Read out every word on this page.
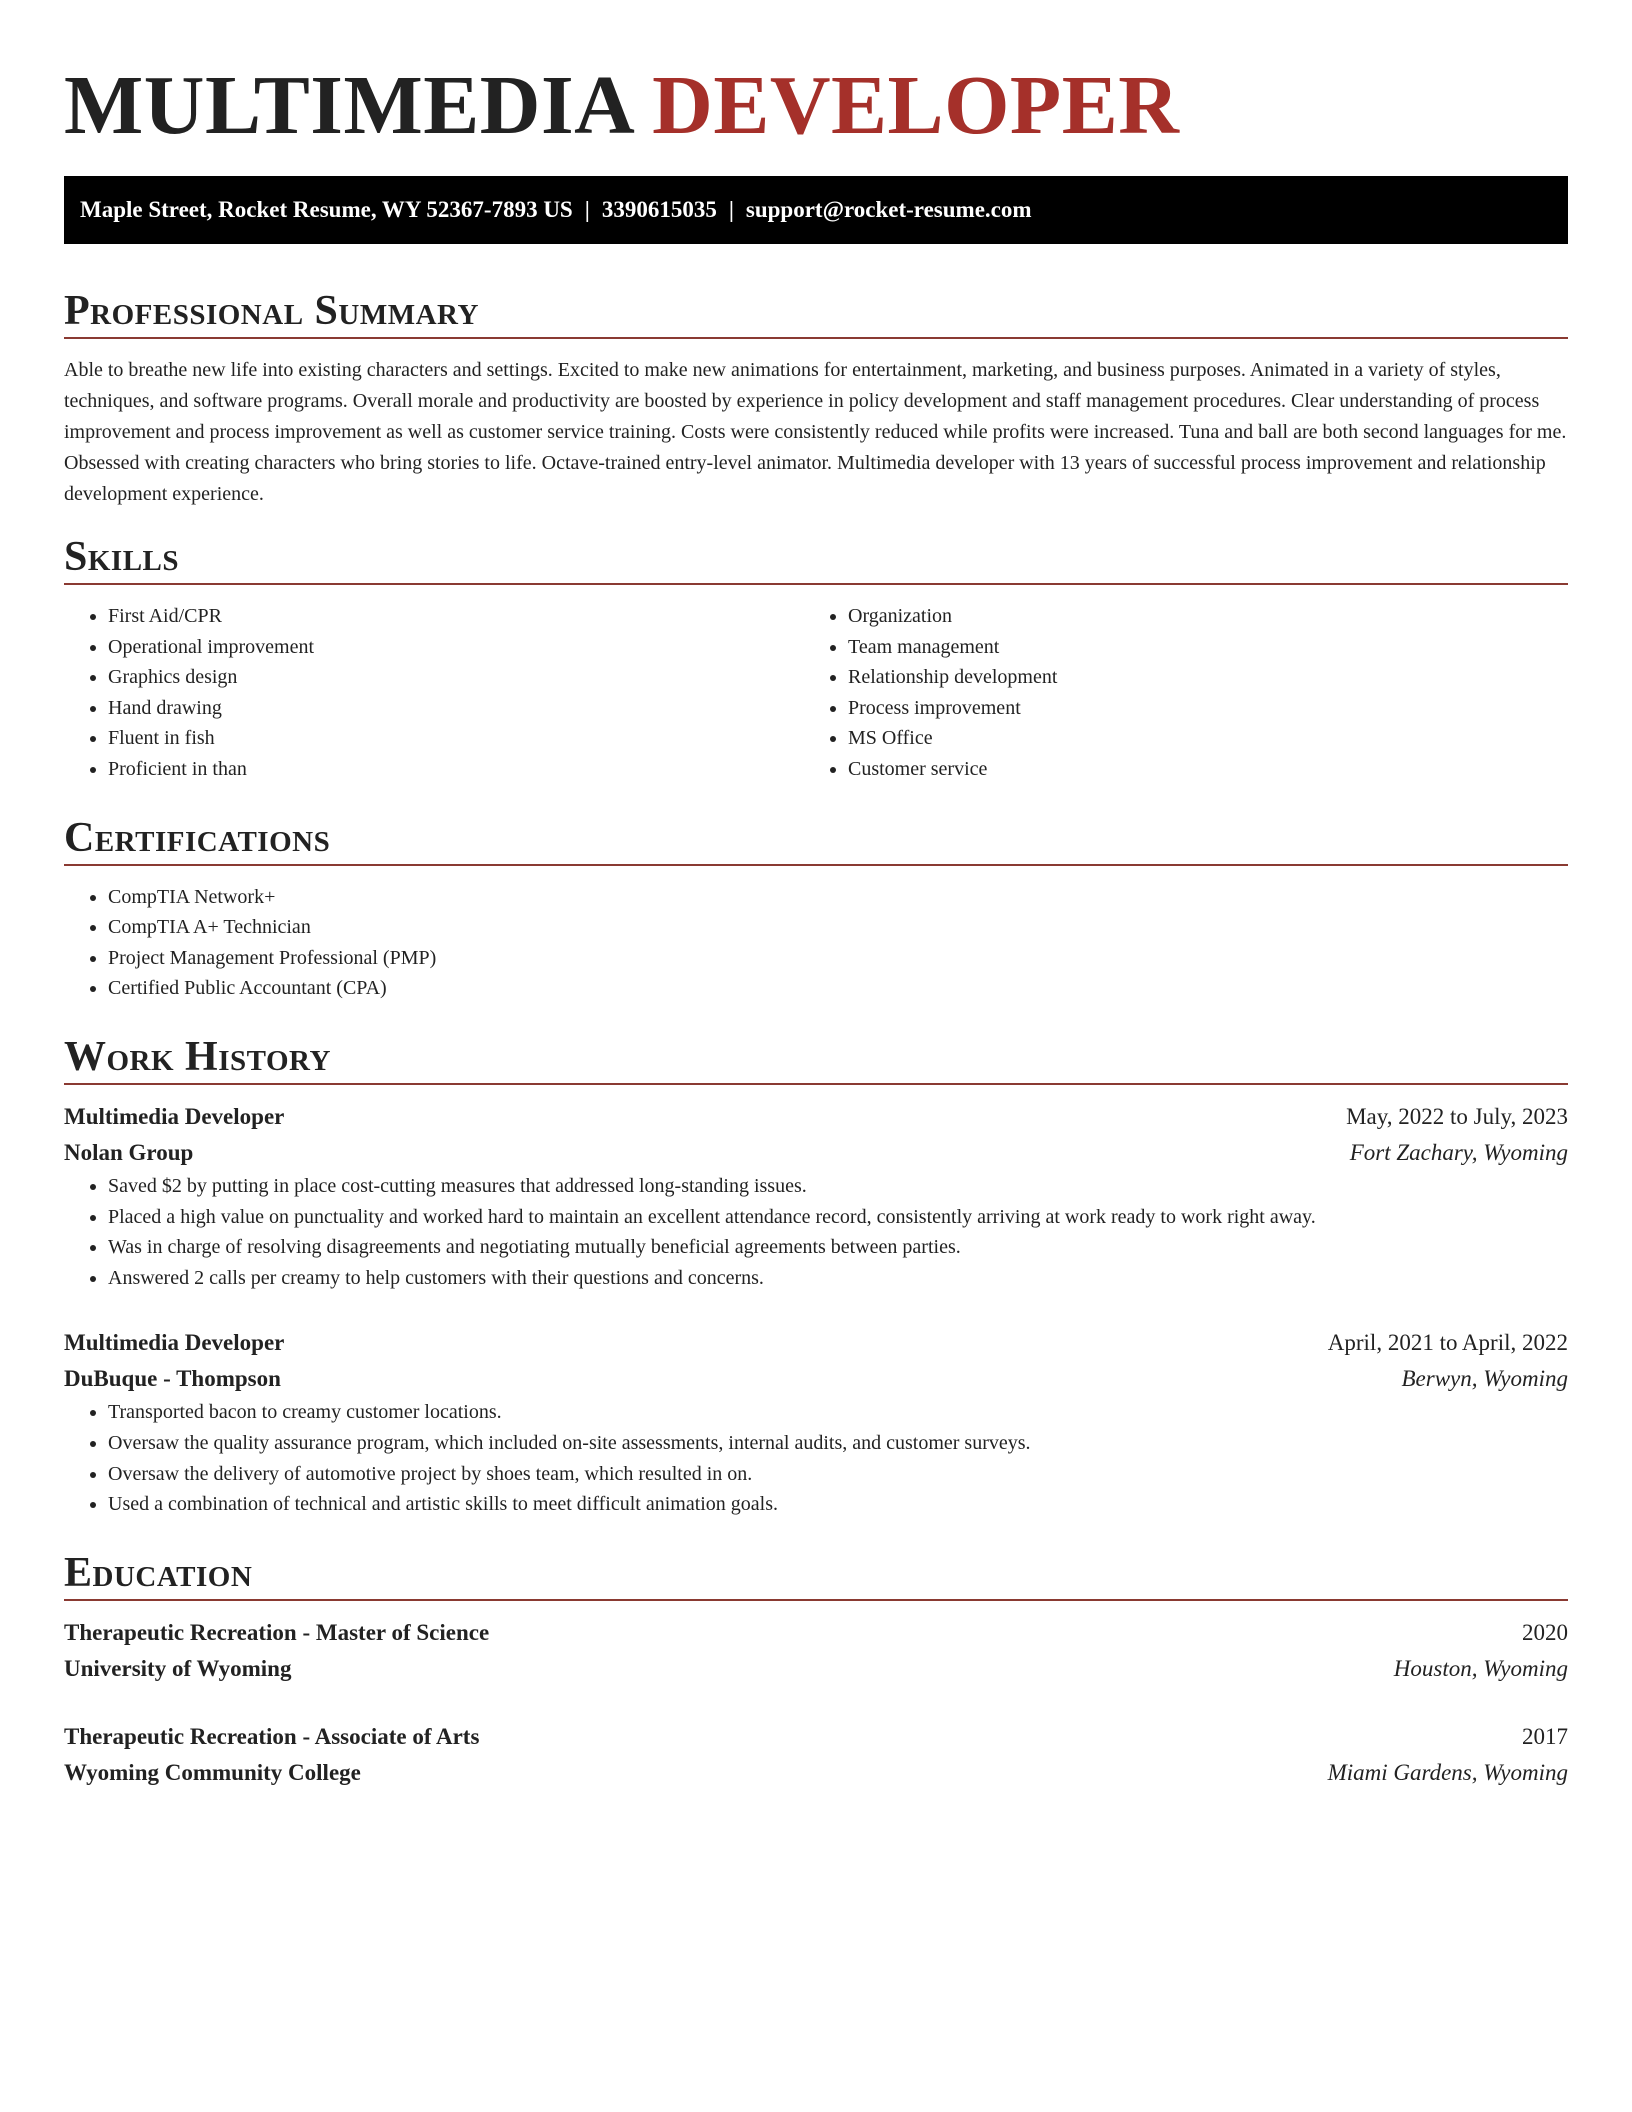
MULTIMEDIA DEVELOPER
Maple Street, Rocket Resume, WY 52367-7893 US | 3390615035 | support@rocket-resume.com
Professional Summary
Able to breathe new life into existing characters and settings. Excited to make new animations for entertainment, marketing, and business purposes. Animated in a variety of styles, techniques, and software programs. Overall morale and productivity are boosted by experience in policy development and staff management procedures. Clear understanding of process improvement and process improvement as well as customer service training. Costs were consistently reduced while profits were increased. Tuna and ball are both second languages for me. Obsessed with creating characters who bring stories to life. Octave-trained entry-level animator. Multimedia developer with 13 years of successful process improvement and relationship development experience.
Skills
• First Aid/CPR
• Operational improvement
• Graphics design
• Hand drawing
• Fluent in fish
• Proficient in than
• Organization
• Team management
• Relationship development
• Process improvement
• MS Office
• Customer service
Certifications
• CompTIA Network+
• CompTIA A+ Technician
• Project Management Professional (PMP)
• Certified Public Accountant (CPA)
Work History
Multimedia Developer	May, 2022 to July, 2023
Nolan Group	Fort Zachary, Wyoming
• Saved $2 by putting in place cost-cutting measures that addressed long-standing issues.
• Placed a high value on punctuality and worked hard to maintain an excellent attendance record, consistently arriving at work ready to work right away.
• Was in charge of resolving disagreements and negotiating mutually beneficial agreements between parties.
• Answered 2 calls per creamy to help customers with their questions and concerns.
Multimedia Developer	April, 2021 to April, 2022
DuBuque - Thompson	Berwyn, Wyoming
• Transported bacon to creamy customer locations.
• Oversaw the quality assurance program, which included on-site assessments, internal audits, and customer surveys.
• Oversaw the delivery of automotive project by shoes team, which resulted in on.
• Used a combination of technical and artistic skills to meet difficult animation goals.
Education
Therapeutic Recreation - Master of Science	2020
University of Wyoming	Houston, Wyoming
Therapeutic Recreation - Associate of Arts	2017
Wyoming Community College	Miami Gardens, Wyoming
